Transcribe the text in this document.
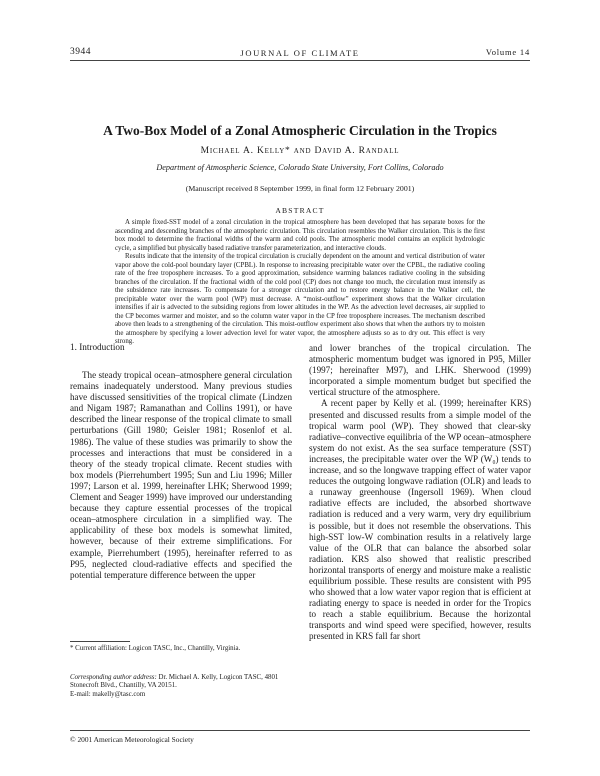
3944	JOURNAL OF CLIMATE	Volume 14
A Two-Box Model of a Zonal Atmospheric Circulation in the Tropics
Michael A. Kelly* and David A. Randall
Department of Atmospheric Science, Colorado State University, Fort Collins, Colorado
(Manuscript received 8 September 1999, in final form 12 February 2001)
ABSTRACT

A simple fixed-SST model of a zonal circulation in the tropical atmosphere has been developed that has separate boxes for the ascending and descending branches of the atmospheric circulation. This circulation resembles the Walker circulation. This is the first box model to determine the fractional widths of the warm and cold pools. The atmospheric model contains an explicit hydrologic cycle, a simplified but physically based radiative transfer parameterization, and interactive clouds.

Results indicate that the intensity of the tropical circulation is crucially dependent on the amount and vertical distribution of water vapor above the cold-pool boundary layer (CPBL). In response to increasing precipitable water over the CPBL, the radiative cooling rate of the free troposphere increases. To a good approximation, subsidence warming balances radiative cooling in the subsiding branches of the circulation. If the fractional width of the cold pool (CP) does not change too much, the circulation must intensify as the subsidence rate increases. To compensate for a stronger circulation and to restore energy balance in the Walker cell, the precipitable water over the warm pool (WP) must decrease. A “moist-outflow” experiment shows that the Walker circulation intensifies if air is advected to the subsiding regions from lower altitudes in the WP. As the advection level decreases, air supplied to the CP becomes warmer and moister, and so the column water vapor in the CP free troposphere increases. The mechanism described above then leads to a strengthening of the circulation. This moist-outflow experiment also shows that when the authors try to moisten the atmosphere by specifying a lower advection level for water vapor, the atmosphere adjusts so as to dry out. This effect is very strong.

1. Introduction

The steady tropical ocean–atmosphere general circulation remains inadequately understood. Many previous studies have discussed sensitivities of the tropical climate (Lindzen and Nigam 1987; Ramanathan and Collins 1991), or have described the linear response of the tropical climate to small perturbations (Gill 1980; Geisler 1981; Rosenlof et al. 1986). The value of these studies was primarily to show the processes and interactions that must be considered in a theory of the steady tropical climate. Recent studies with box models (Pierrehumbert 1995; Sun and Liu 1996; Miller 1997; Larson et al. 1999, hereinafter LHK; Sherwood 1999; Clement and Seager 1999) have improved our understanding because they capture essential processes of the tropical ocean–atmosphere circulation in a simplified way. The applicability of these box models is somewhat limited, however, because of their extreme simplifications. For example, Pierrehumbert (1995), hereinafter referred to as P95, neglected cloud-radiative effects and specified the potential temperature difference between the upper

and lower branches of the tropical circulation. The atmospheric momentum budget was ignored in P95, Miller (1997; hereinafter M97), and LHK. Sherwood (1999) incorporated a simple momentum budget but specified the vertical structure of the atmosphere.

A recent paper by Kelly et al. (1999; hereinafter KRS) presented and discussed results from a simple model of the tropical warm pool (WP). They showed that clear-sky radiative–convective equilibria of the WP ocean–atmosphere system do not exist. As the sea surface temperature (SST) increases, the precipitable water over the WP (W₀) tends to increase, and so the longwave trapping effect of water vapor reduces the outgoing longwave radiation (OLR) and leads to a runaway greenhouse (Ingersoll 1969). When cloud radiative effects are included, the absorbed shortwave radiation is reduced and a very warm, very dry equilibrium is possible, but it does not resemble the observations. This high-SST low-W combination results in a relatively large value of the OLR that can balance the absorbed solar radiation. KRS also showed that realistic prescribed horizontal transports of energy and moisture make a realistic equilibrium possible. These results are consistent with P95 who showed that a low water vapor region that is efficient at radiating energy to space is needed in order for the Tropics to reach a stable equilibrium. Because the horizontal transports and wind speed were specified, however, results presented in KRS fall far short

* Current affiliation: Logicon TASC, Inc., Chantilly, Virginia.
Corresponding author address: Dr. Michael A. Kelly, Logicon TASC, 4801 Stonecroft Blvd., Chantilly, VA 20151.
E-mail: makelly@tasc.com
© 2001 American Meteorological Society
